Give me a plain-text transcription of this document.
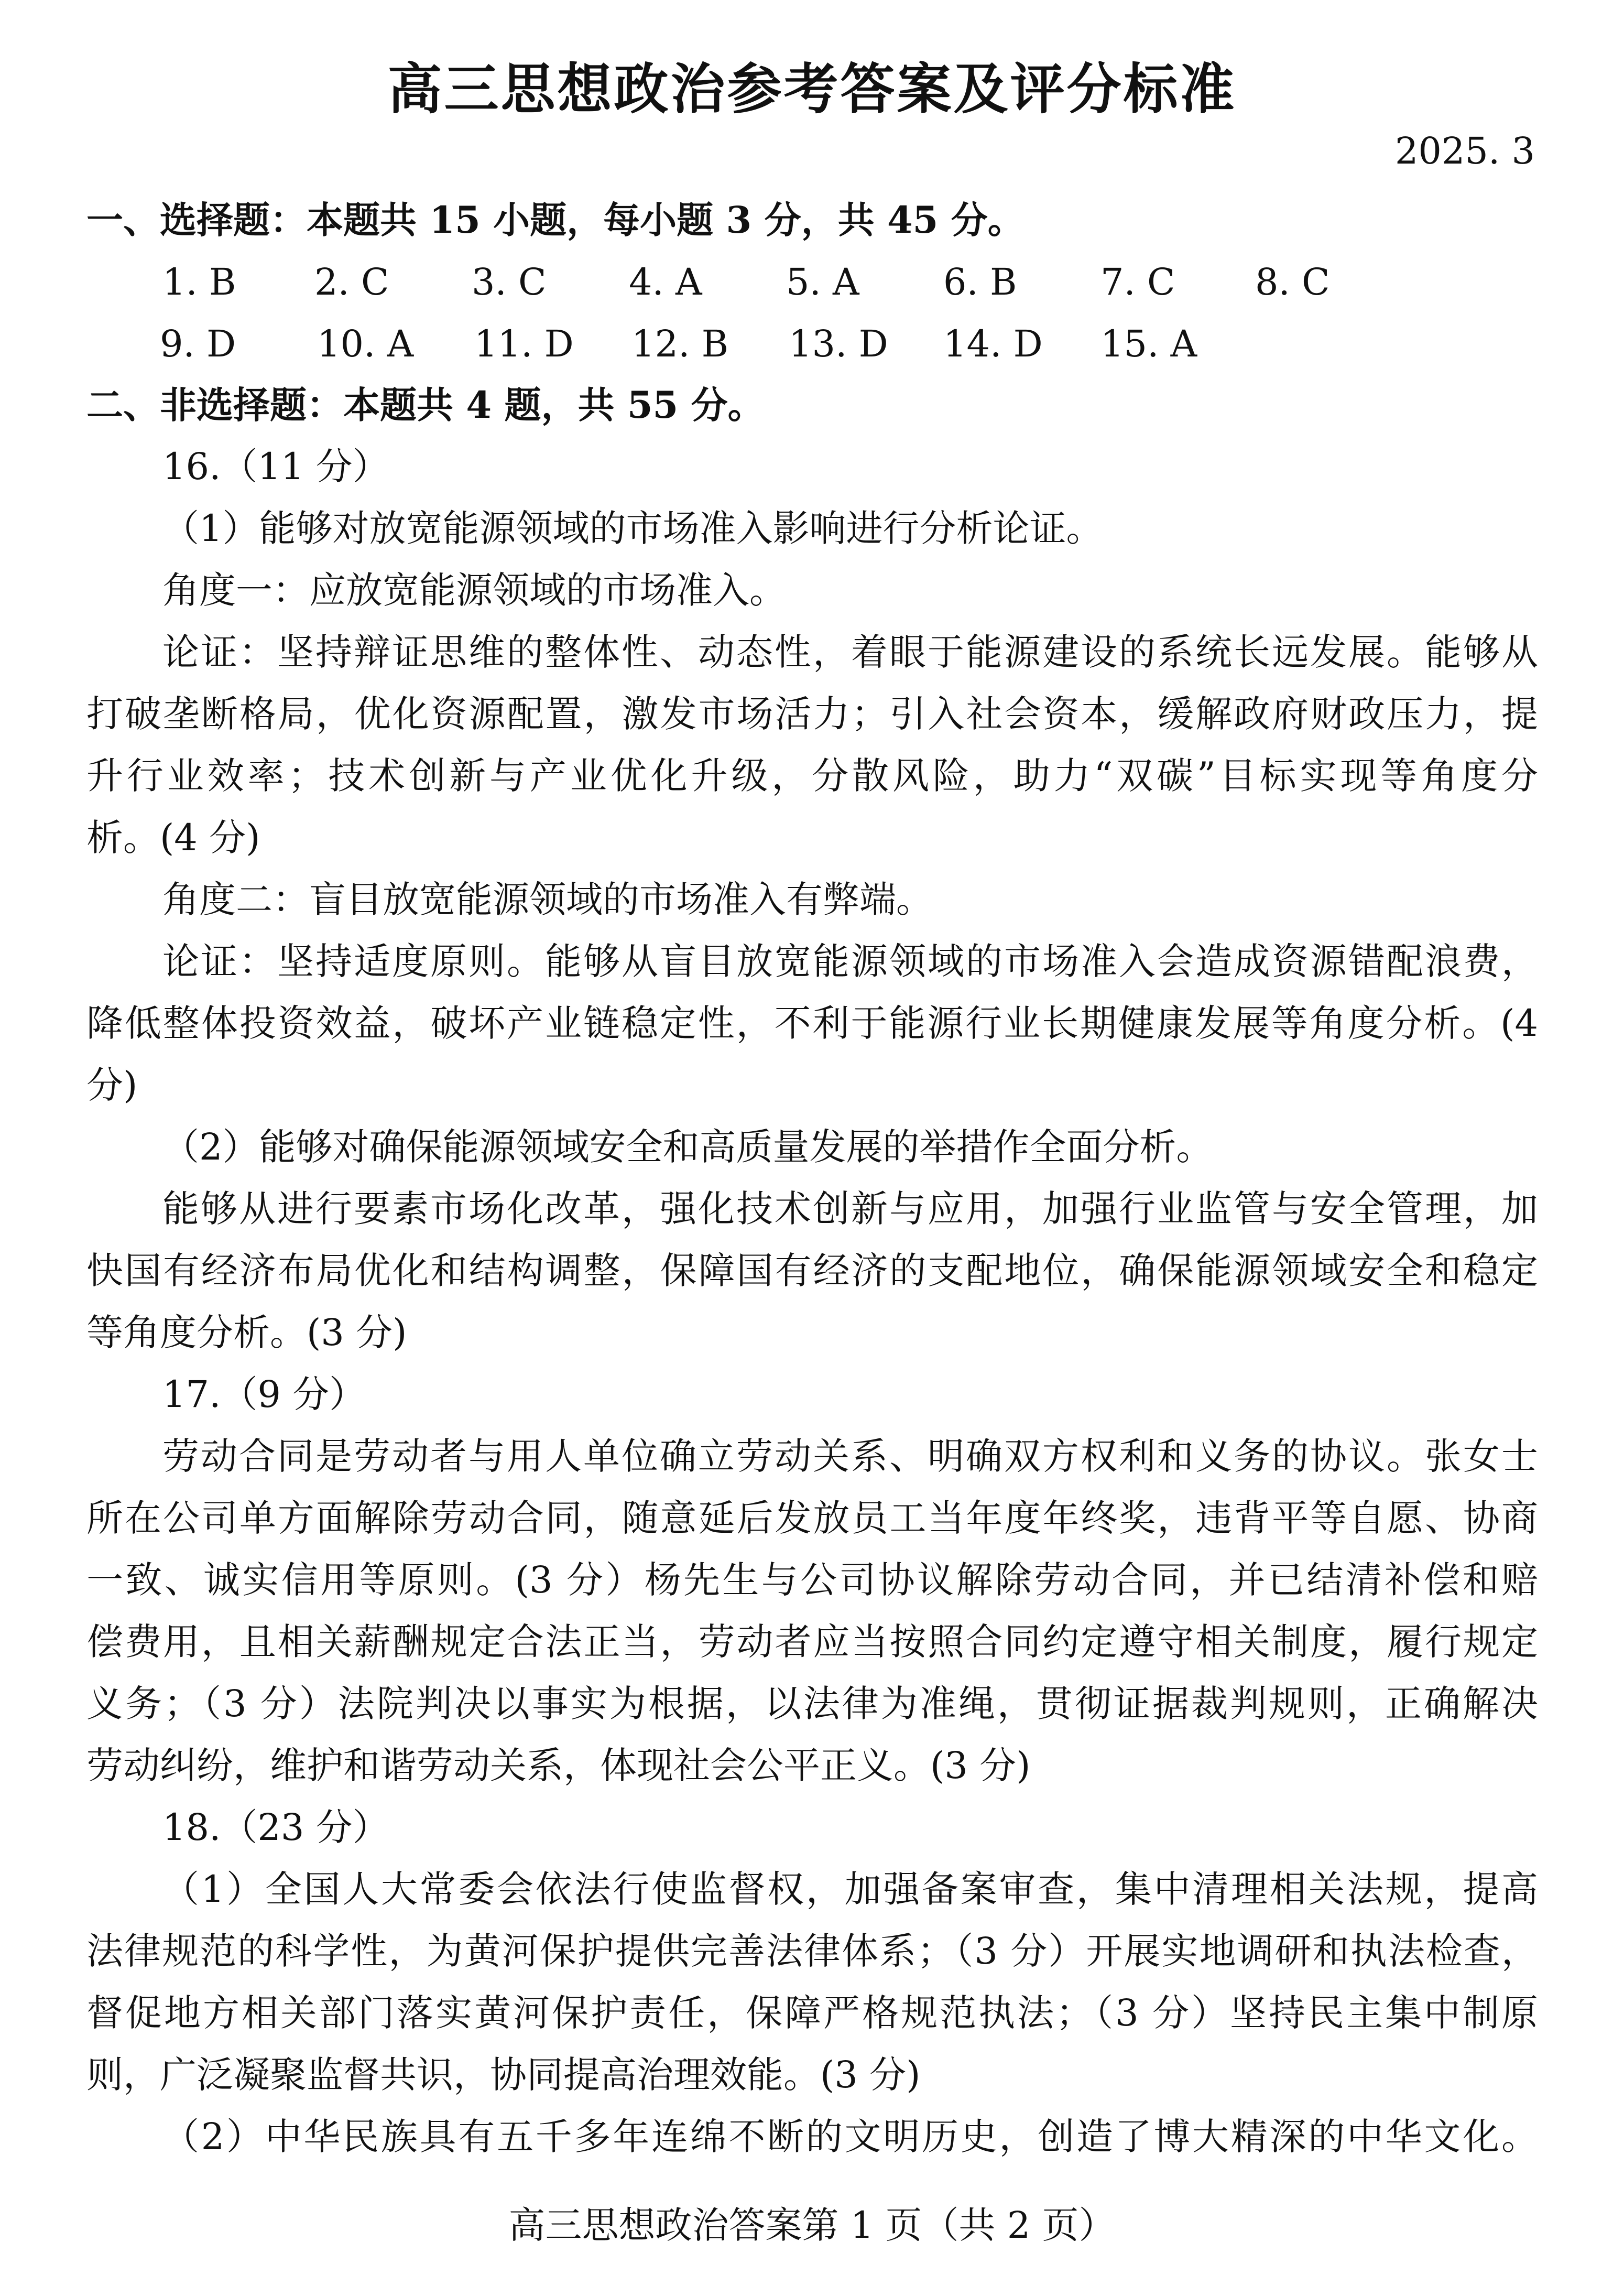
高三思想政治参考答案及评分标准
2025. 3
一、选择题：本题共 15 小题，每小题 3 分，共 45 分。
1. B 2. C 3. C 4. A 5. A 6. B 7. C 8. C
9. D 10. A 11. D 12. B 13. D 14. D 15. A
二、非选择题：本题共 4 题，共 55 分。
16.（11 分）
（1）能够对放宽能源领域的市场准入影响进行分析论证。
角度一：应放宽能源领域的市场准入。
论证：坚持辩证思维的整体性、动态性，着眼于能源建设的系统长远发展。能够从
打破垄断格局，优化资源配置，激发市场活力；引入社会资本，缓解政府财政压力，提
升行业效率；技术创新与产业优化升级，分散风险，助力“双碳”目标实现等角度分
析。(4 分)
角度二：盲目放宽能源领域的市场准入有弊端。
论证：坚持适度原则。能够从盲目放宽能源领域的市场准入会造成资源错配浪费，
降低整体投资效益，破坏产业链稳定性，不利于能源行业长期健康发展等角度分析。(4
分)
（2）能够对确保能源领域安全和高质量发展的举措作全面分析。
能够从进行要素市场化改革，强化技术创新与应用，加强行业监管与安全管理，加
快国有经济布局优化和结构调整，保障国有经济的支配地位，确保能源领域安全和稳定
等角度分析。(3 分)
17.（9 分）
劳动合同是劳动者与用人单位确立劳动关系、明确双方权利和义务的协议。张女士
所在公司单方面解除劳动合同，随意延后发放员工当年度年终奖，违背平等自愿、协商
一致、诚实信用等原则。(3 分）杨先生与公司协议解除劳动合同，并已结清补偿和赔
偿费用，且相关薪酬规定合法正当，劳动者应当按照合同约定遵守相关制度，履行规定
义务；（3 分）法院判决以事实为根据，以法律为准绳，贯彻证据裁判规则，正确解决
劳动纠纷，维护和谐劳动关系，体现社会公平正义。(3 分)
18.（23 分）
（1）全国人大常委会依法行使监督权，加强备案审查，集中清理相关法规，提高
法律规范的科学性，为黄河保护提供完善法律体系；（3 分）开展实地调研和执法检查，
督促地方相关部门落实黄河保护责任，保障严格规范执法；（3 分）坚持民主集中制原
则，广泛凝聚监督共识，协同提高治理效能。(3 分)
（2）中华民族具有五千多年连绵不断的文明历史，创造了博大精深的中华文化。
高三思想政治答案第 1 页（共 2 页）
